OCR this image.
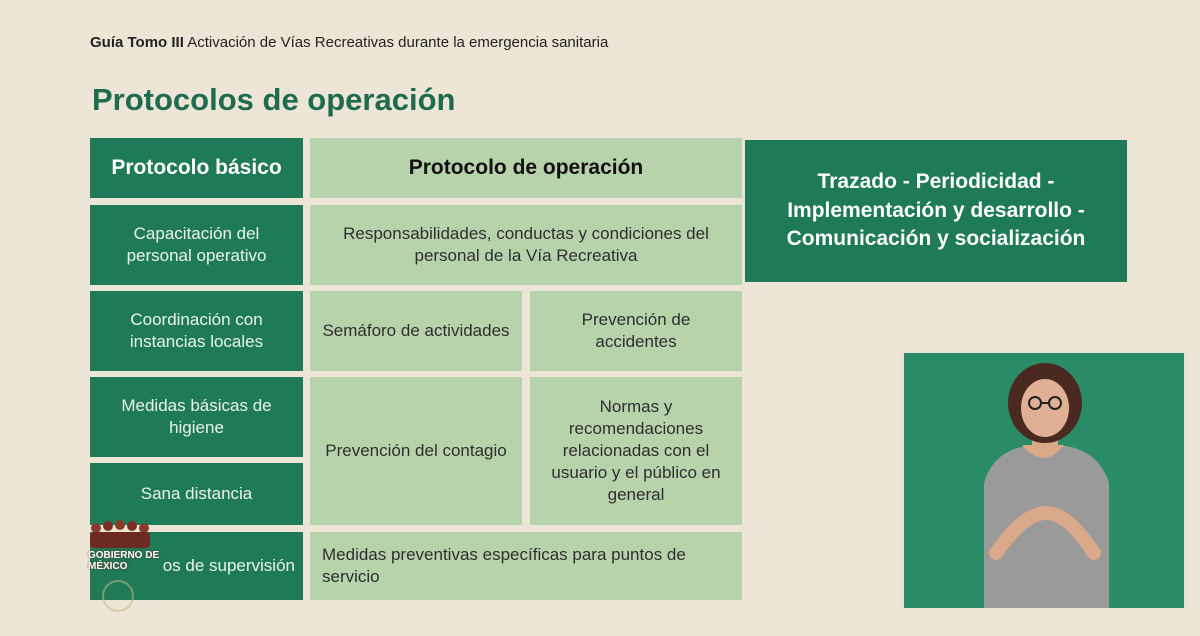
Guía Tomo III Activación de Vías Recreativas durante la emergencia sanitaria
Protocolos de operación
Protocolo básico	Protocolo de operación
Capacitación del personal operativo
Coordinación con instancias locales
Medidas básicas de higiene
Sana distancia
os de supervisión
Responsabilidades, conductas y condiciones del personal de la Vía Recreativa
Semáforo de actividades
Prevención de accidentes
Prevención del contagio
Normas y recomendaciones relacionadas con el usuario y el público en general
Medidas preventivas específicas para puntos de servicio
Trazado - Periodicidad -
Implementación y desarrollo -
Comunicación y socialización
GOBIERNO DE
MÉXICO
